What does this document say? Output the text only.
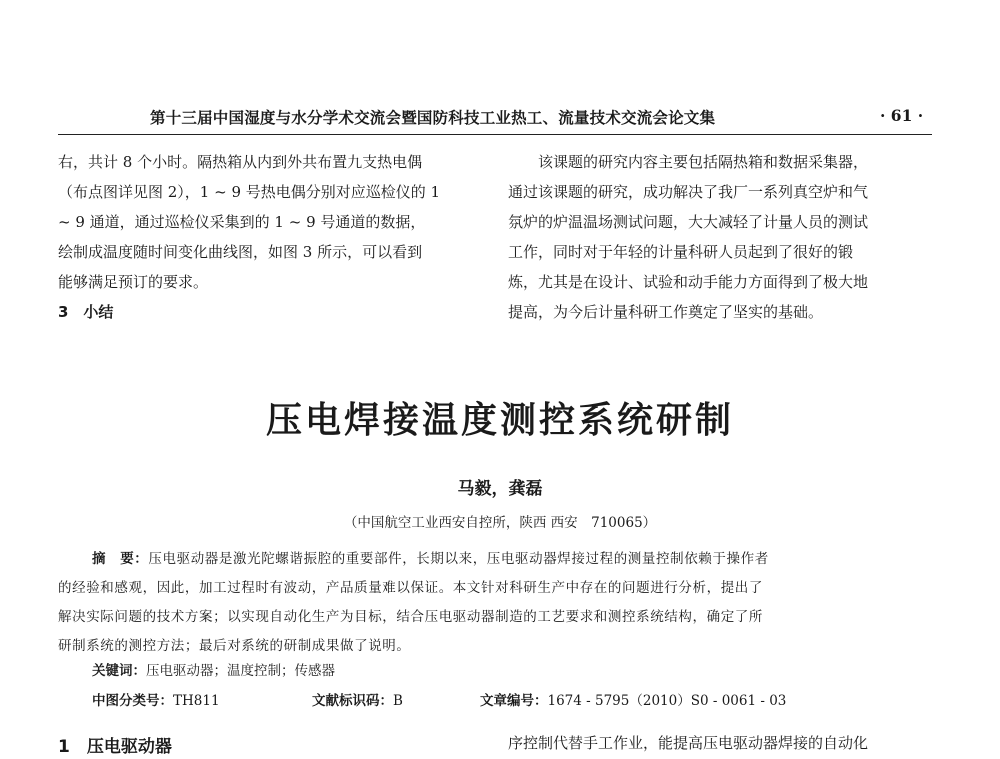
第十三届中国湿度与水分学术交流会暨国防科技工业热工、流量技术交流会论文集	· 61 ·
右，共计 8 个小时。隔热箱从内到外共布置九支热电偶
（布点图详见图 2），1 ~ 9 号热电偶分别对应巡检仪的 1
~ 9 通道，通过巡检仪采集到的 1 ~ 9 号通道的数据，
绘制成温度随时间变化曲线图，如图 3 所示，可以看到
能够满足预订的要求。
3　小结
该课题的研究内容主要包括隔热箱和数据采集器，
通过该课题的研究，成功解决了我厂一系列真空炉和气
氛炉的炉温温场测试问题，大大减轻了计量人员的测试
工作，同时对于年轻的计量科研人员起到了很好的锻
炼，尤其是在设计、试验和动手能力方面得到了极大地
提高，为今后计量科研工作奠定了坚实的基础。
压电焊接温度测控系统研制
马毅，龚磊
（中国航空工业西安自控所，陕西 西安　710065）
摘　要：压电驱动器是激光陀螺谐振腔的重要部件，长期以来，压电驱动器焊接过程的测量控制依赖于操作者
的经验和感观，因此，加工过程时有波动，产品质量难以保证。本文针对科研生产中存在的问题进行分析，提出了
解决实际问题的技术方案；以实现自动化生产为目标，结合压电驱动器制造的工艺要求和测控系统结构，确定了所
研制系统的测控方法；最后对系统的研制成果做了说明。
关键词：压电驱动器；温度控制；传感器
中图分类号：TH811	文献标识码：B	文章编号：1674 - 5795（2010）S0 - 0061 - 03
1　压电驱动器	序控制代替手工作业，能提高压电驱动器焊接的自动化
